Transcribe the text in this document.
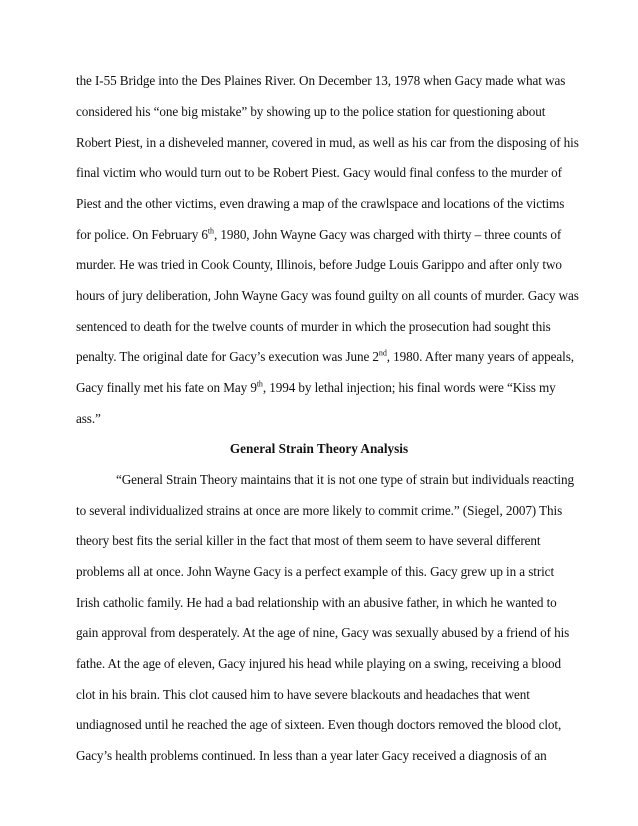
the I-55 Bridge into the Des Plaines River. On December 13, 1978 when Gacy made what was
considered his “one big mistake” by showing up to the police station for questioning about
Robert Piest, in a disheveled manner, covered in mud, as well as his car from the disposing of his
final victim who would turn out to be Robert Piest. Gacy would final confess to the murder of
Piest and the other victims, even drawing a map of the crawlspace and locations of the victims
for police. On February 6th, 1980, John Wayne Gacy was charged with thirty – three counts of
murder. He was tried in Cook County, Illinois, before Judge Louis Garippo and after only two
hours of jury deliberation, John Wayne Gacy was found guilty on all counts of murder. Gacy was
sentenced to death for the twelve counts of murder in which the prosecution had sought this
penalty. The original date for Gacy’s execution was June 2nd, 1980. After many years of appeals,
Gacy finally met his fate on May 9th, 1994 by lethal injection; his final words were “Kiss my
ass.”
General Strain Theory Analysis
“General Strain Theory maintains that it is not one type of strain but individuals reacting
to several individualized strains at once are more likely to commit crime.” (Siegel, 2007) This
theory best fits the serial killer in the fact that most of them seem to have several different
problems all at once. John Wayne Gacy is a perfect example of this. Gacy grew up in a strict
Irish catholic family. He had a bad relationship with an abusive father, in which he wanted to
gain approval from desperately. At the age of nine, Gacy was sexually abused by a friend of his
fathe. At the age of eleven, Gacy injured his head while playing on a swing, receiving a blood
clot in his brain. This clot caused him to have severe blackouts and headaches that went
undiagnosed until he reached the age of sixteen. Even though doctors removed the blood clot,
Gacy’s health problems continued. In less than a year later Gacy received a diagnosis of an
